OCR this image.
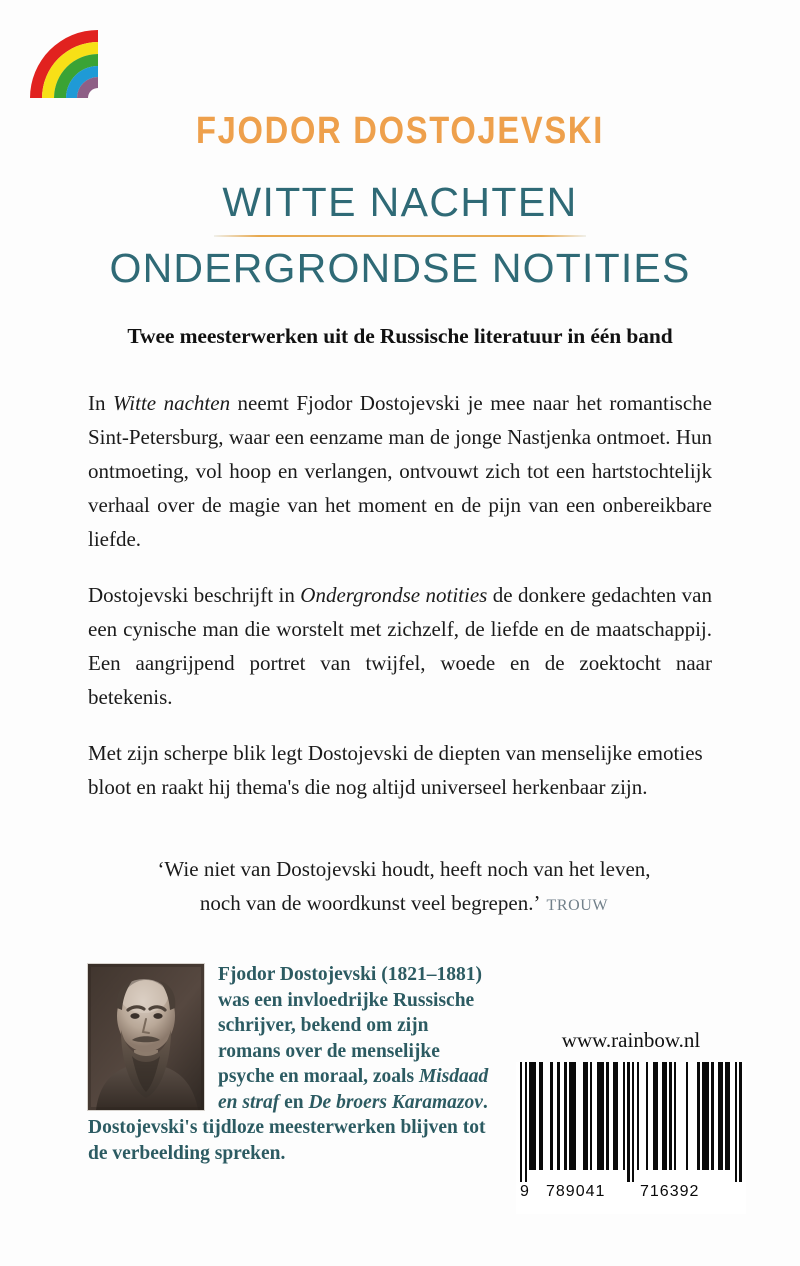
FJODOR DOSTOJEVSKI
WITTE NACHTEN
ONDERGRONDSE NOTITIES
Twee meesterwerken uit de Russische literatuur in één band

In Witte nachten neemt Fjodor Dostojevski je mee naar het romantische Sint-Petersburg, waar een eenzame man de jonge Nastjenka ontmoet. Hun ontmoeting, vol hoop en verlangen, ontvouwt zich tot een hartstochtelijk verhaal over de magie van het moment en de pijn van een onbereikbare liefde.

Dostojevski beschrijft in Ondergrondse notities de donkere gedachten van een cynische man die worstelt met zichzelf, de liefde en de maatschappij. Een aangrijpend portret van twijfel, woede en de zoektocht naar betekenis.

Met zijn scherpe blik legt Dostojevski de diepten van menselijke emoties bloot en raakt hij thema's die nog altijd universeel herkenbaar zijn.

‘Wie niet van Dostojevski houdt, heeft noch van het leven,
noch van de woordkunst veel begrepen.’ TROUW
Fjodor Dostojevski (1821–1881) was een invloedrijke Russische schrijver, bekend om zijn romans over de menselijke psyche en moraal, zoals Misdaad en straf en De broers Karamazov. Dostojevski's tijdloze meesterwerken blijven tot de verbeelding spreken.
www.rainbow.nl
9 789041 716392
